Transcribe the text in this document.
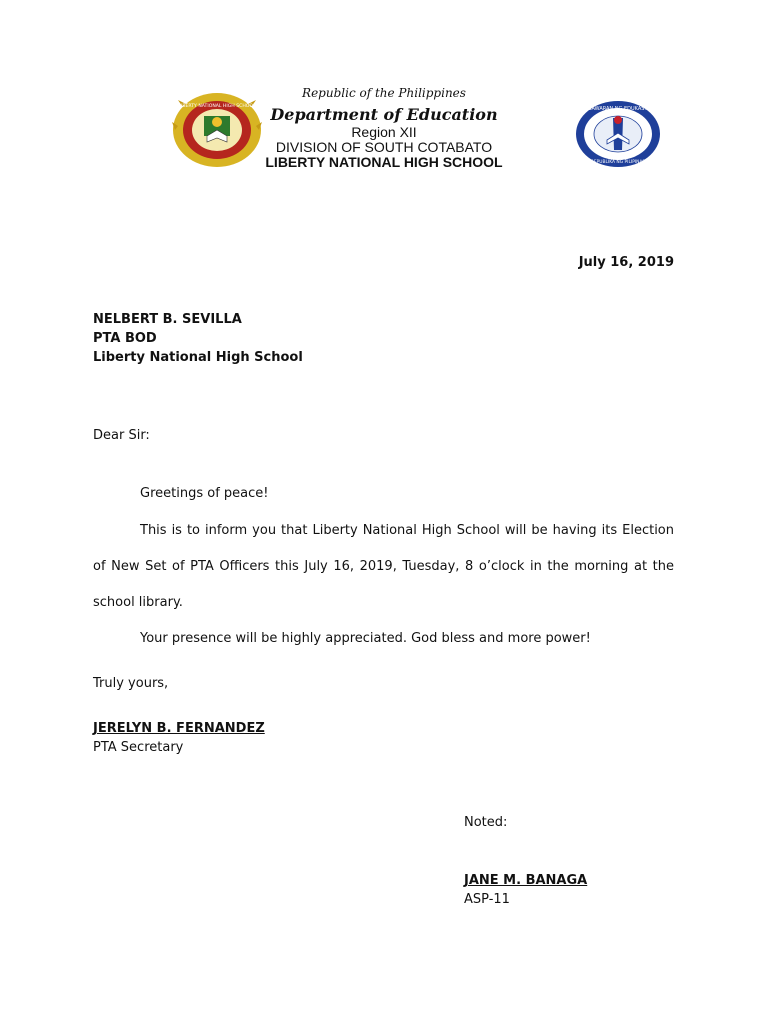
LIBERTY NATIONAL HIGH SCHOOL	KAGAWARAN NG EDUKASYON
REPUBLIKA NG PILIPINAS
Republic of the Philippines
Department of Education
Region XII
DIVISION OF SOUTH COTABATO
LIBERTY NATIONAL HIGH SCHOOL
July 16, 2019
NELBERT B. SEVILLA
PTA BOD
Liberty National High School
Dear Sir:
Greetings of peace!
This is to inform you that Liberty National High School will be having its Election of New Set of PTA Officers this July 16, 2019, Tuesday, 8 o’clock in the morning at the school library.
Your presence will be highly appreciated. God bless and more power!
Truly yours,
JERELYN B. FERNANDEZ
PTA Secretary
Noted:
JANE M. BANAGA
ASP-11
